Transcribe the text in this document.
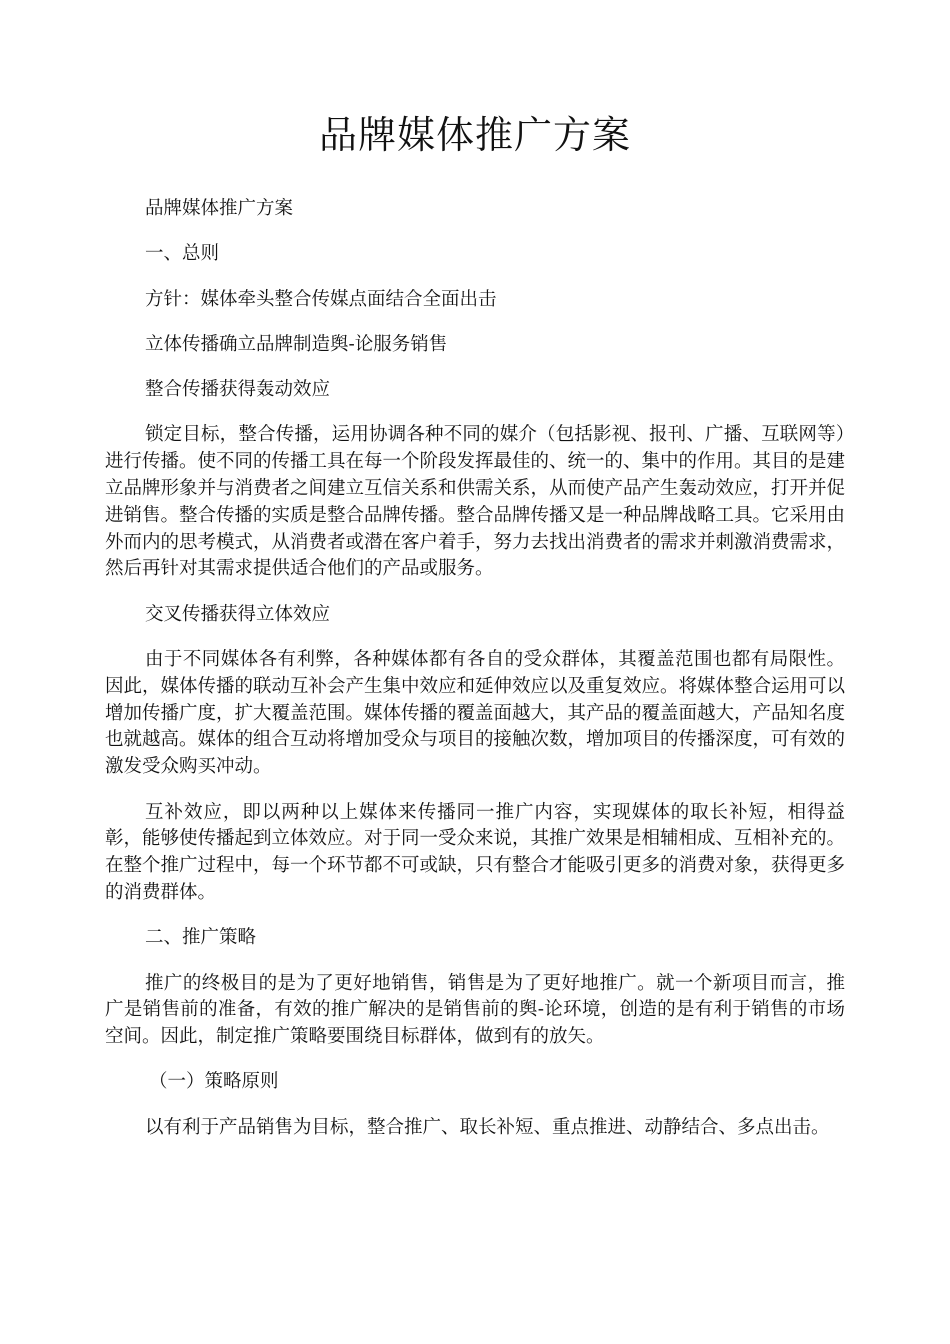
品牌媒体推广方案

品牌媒体推广方案

一、总则

方针：媒体牵头整合传媒点面结合全面出击

立体传播确立品牌制造舆-论服务销售

整合传播获得轰动效应

锁定目标，整合传播，运用协调各种不同的媒介（包括影视、报刊、广播、互联网等）进行传播。使不同的传播工具在每一个阶段发挥最佳的、统一的、集中的作用。其目的是建立品牌形象并与消费者之间建立互信关系和供需关系，从而使产品产生轰动效应，打开并促进销售。整合传播的实质是整合品牌传播。整合品牌传播又是一种品牌战略工具。它采用由外而内的思考模式，从消费者或潜在客户着手，努力去找出消费者的需求并刺激消费需求，然后再针对其需求提供适合他们的产品或服务。

交叉传播获得立体效应

由于不同媒体各有利弊，各种媒体都有各自的受众群体，其覆盖范围也都有局限性。因此，媒体传播的联动互补会产生集中效应和延伸效应以及重复效应。将媒体整合运用可以增加传播广度，扩大覆盖范围。媒体传播的覆盖面越大，其产品的覆盖面越大，产品知名度也就越高。媒体的组合互动将增加受众与项目的接触次数，增加项目的传播深度，可有效的激发受众购买冲动。

互补效应，即以两种以上媒体来传播同一推广内容，实现媒体的取长补短，相得益彰，能够使传播起到立体效应。对于同一受众来说，其推广效果是相辅相成、互相补充的。在整个推广过程中，每一个环节都不可或缺，只有整合才能吸引更多的消费对象，获得更多的消费群体。

二、推广策略

推广的终极目的是为了更好地销售，销售是为了更好地推广。就一个新项目而言，推广是销售前的准备，有效的推广解决的是销售前的舆-论环境，创造的是有利于销售的市场空间。因此，制定推广策略要围绕目标群体，做到有的放矢。

（一）策略原则

以有利于产品销售为目标，整合推广、取长补短、重点推进、动静结合、多点出击。
